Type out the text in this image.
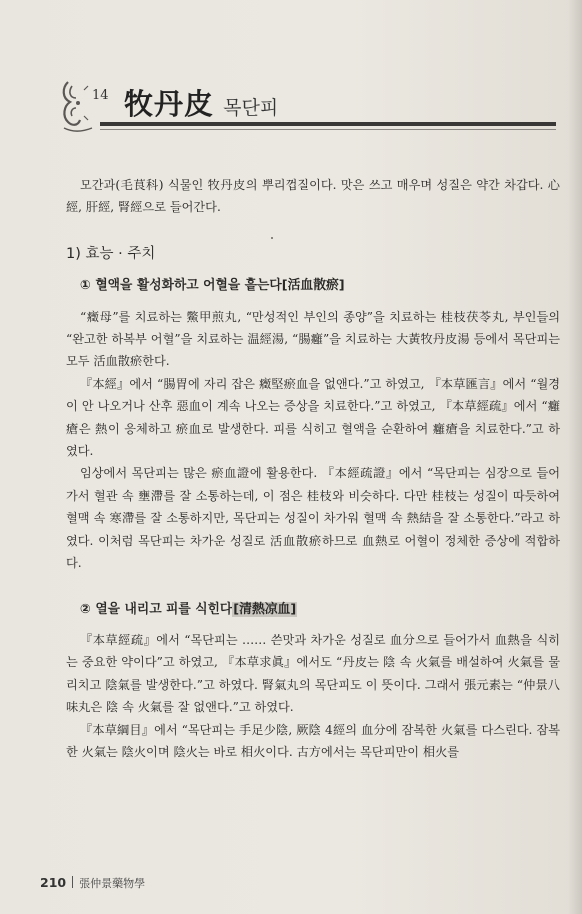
14 牧丹皮 목단피

모간과(毛茛科) 식물인 牧丹皮의 뿌리껍질이다. 맛은 쓰고 매우며 성질은 약간 차갑다. 心經, 肝經, 腎經으로 들어간다.

1) 효능 · 주치
① 혈액을 활성화하고 어혈을 흩는다[活血散瘀]

“癥母”를 치료하는 鱉甲煎丸, “만성적인 부인의 종양”을 치료하는 桂枝茯苓丸, 부인들의 “완고한 하복부 어혈”을 치료하는 温經湯, “腸癰”을 치료하는 大黃牧丹皮湯 등에서 목단피는 모두 活血散瘀한다.

『本經』에서 “腸胃에 자리 잡은 癥堅瘀血을 없앤다.”고 하였고, 『本草匯言』에서 “월경이 안 나오거나 산후 惡血이 계속 나오는 증상을 치료한다.”고 하였고, 『本草經疏』에서 “癰瘡은 熱이 응체하고 瘀血로 발생한다. 피를 식히고 혈액을 순환하여 癰瘡을 치료한다.”고 하였다.

임상에서 목단피는 많은 瘀血證에 활용한다. 『本經疏證』에서 “목단피는 심장으로 들어가서 혈관 속 壅滯를 잘 소통하는데, 이 점은 桂枝와 비슷하다. 다만 桂枝는 성질이 따듯하여 혈맥 속 寒滯를 잘 소통하지만, 목단피는 성질이 차가워 혈맥 속 熱結을 잘 소통한다.”라고 하였다. 이처럼 목단피는 차가운 성질로 活血散瘀하므로 血熱로 어혈이 정체한 증상에 적합하다.

② 열을 내리고 피를 식힌다[清熱凉血]

『本草經疏』에서 “목단피는 …… 쓴맛과 차가운 성질로 血分으로 들어가서 血熱을 식히는 중요한 약이다”고 하였고, 『本草求眞』에서도 “丹皮는 陰 속 火氣를 배설하여 火氣를 물리치고 陰氣를 발생한다.”고 하였다. 腎氣丸의 목단피도 이 뜻이다. 그래서 張元素는 “仲景八味丸은 陰 속 火氣를 잘 없앤다.”고 하였다.

『本草綱目』에서 “목단피는 手足少陰, 厥陰 4經의 血分에 잠복한 火氣를 다스린다. 잠복한 火氣는 陰火이며 陰火는 바로 相火이다. 古方에서는 목단피만이 相火를

210 張仲景藥物學
